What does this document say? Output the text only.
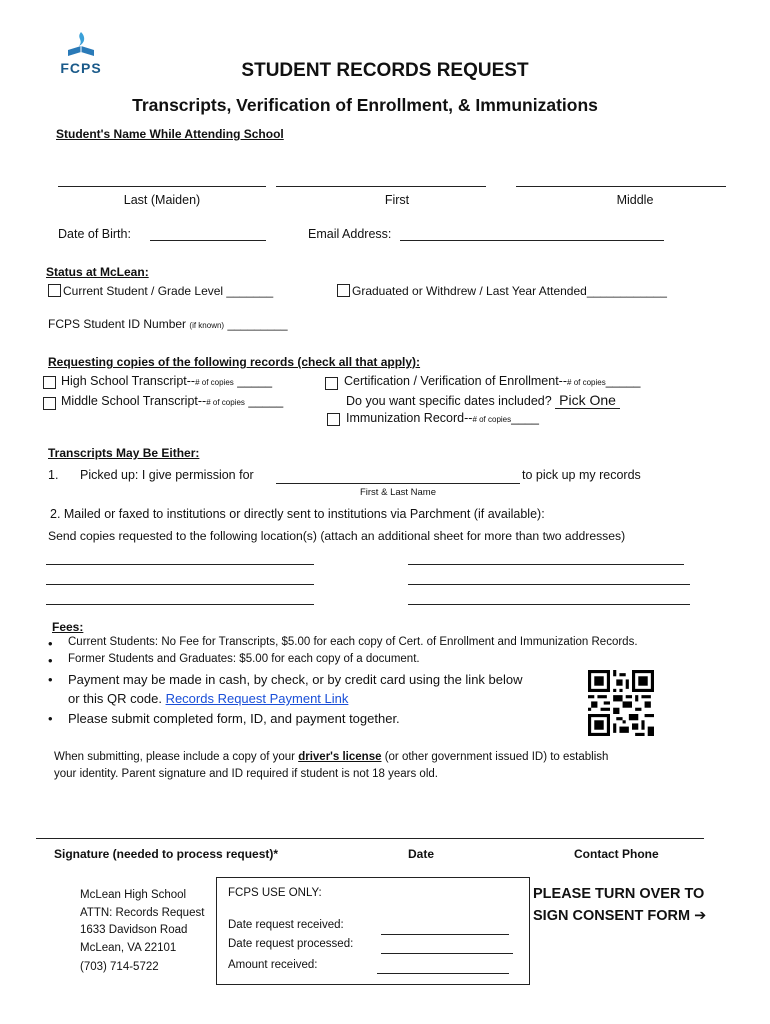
FCPS	STUDENT RECORDS REQUEST
Transcripts, Verification of Enrollment, & Immunizations
Student's Name While Attending School
Last (Maiden)	First	Middle
Date of Birth:	Email Address:
Status at McLean:
Current Student / Grade Level _______	Graduated or Withdrew / Last Year Attended____________
FCPS Student ID Number (if known) _________
Requesting copies of the following records (check all that apply):
High School Transcript--# of copies _____
Middle School Transcript--# of copies _____
Certification / Verification of Enrollment--# of copies_____
Do you want specific dates included? Pick One
Immunization Record--# of copies____
Transcripts May Be Either:
1. Picked up: I give permission for	to pick up my records
First & Last Name
2. Mailed or faxed to institutions or directly sent to institutions via Parchment (if available):
Send copies requested to the following location(s) (attach an additional sheet for more than two addresses)
Fees:
• Current Students: No Fee for Transcripts, $5.00 for each copy of Cert. of Enrollment and Immunization Records.
• Former Students and Graduates: $5.00 for each copy of a document.
• Payment may be made in cash, by check, or by credit card using the link below
or this QR code. Records Request Payment Link
• Please submit completed form, ID, and payment together.
When submitting, please include a copy of your driver's license (or other government issued ID) to establish
your identity. Parent signature and ID required if student is not 18 years old.
Signature (needed to process request)*	Date	Contact Phone
McLean High School
ATTN: Records Request
1633 Davidson Road
McLean, VA 22101
(703) 714-5722
FCPS USE ONLY:
Date request received:
Date request processed:
Amount received:
PLEASE TURN OVER TO
SIGN CONSENT FORM ➔
